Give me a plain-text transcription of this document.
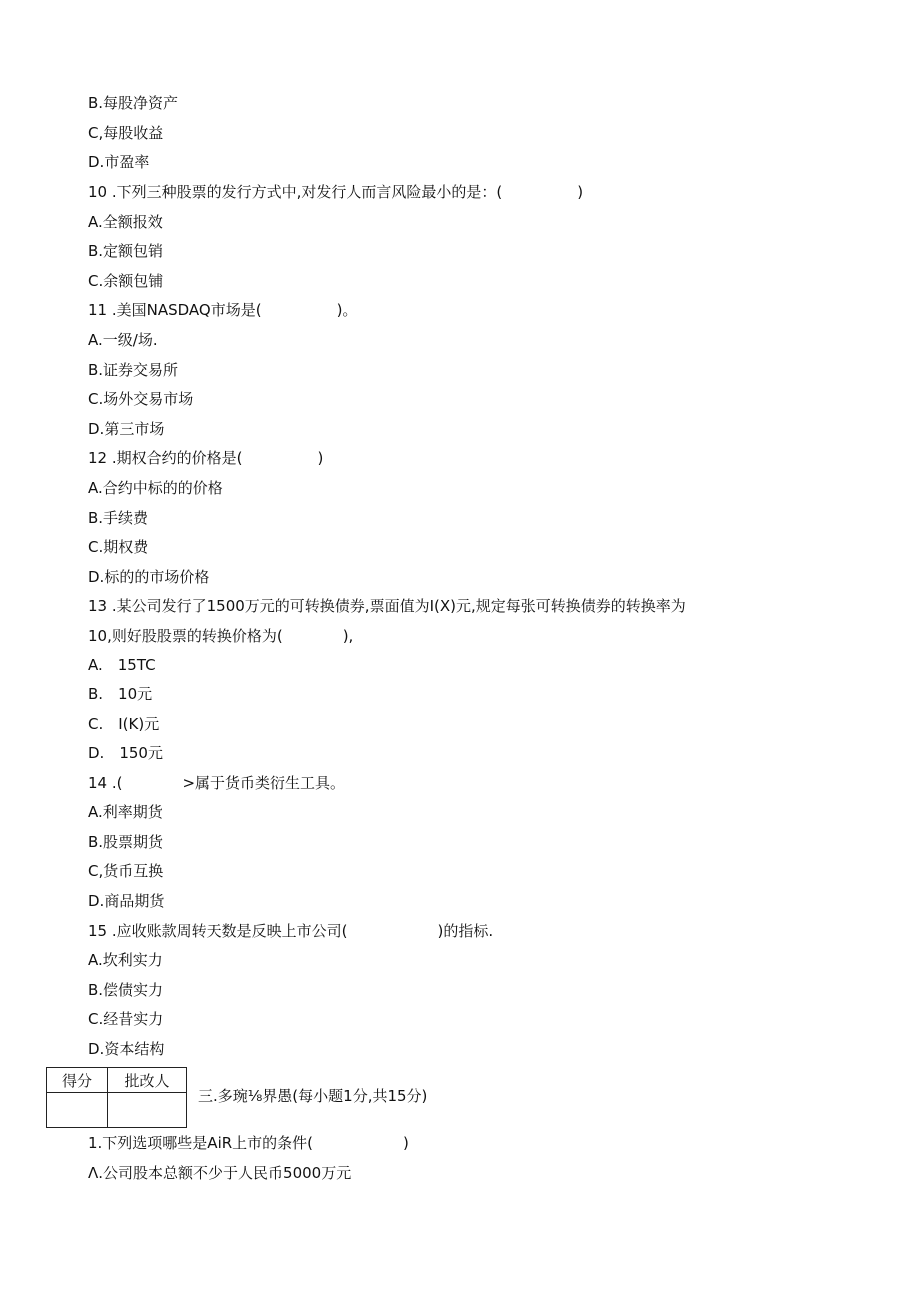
B.每股净资产
C,每股收益
D.市盈率
10 .下列三种股票的发行方式中,对发行人而言风险最小的是：(　　　　　)
A.全额报效
B.定额包销
C.余额包铺
11 .美国NASDAQ市场是(　　　　　)。
A.一级/场.
B.证券交易所
C.场外交易市场
D.第三市场
12 .期权合约的价格是(　　　　　)
A.合约中标的的价格
B.手续费
C.期权费
D.标的的市场价格
13 .某公司发行了1500万元的可转换债券,票面值为I(X)元,规定每张可转换债券的转换率为
10,则好股股票的转换价格为(　　　　),
A.　15TC
B.　10元
C.　I(K)元
D.　150元
14 .(　　　　>属于货币类衍生工具。
A.利率期货
B.股票期货
C,货币互换
D.商品期货
15 .应收账款周转天数是反映上市公司(　　　　　　)的指标.
A.坎利实力
B.偿债实力
C.经昔实力
D.资本结构
得分	批改人

三.多琬⅛界愚(每小题1分,共15分)
1.下列选项哪些是AiR上市的条件(　　　　　　)
Λ.公司股本总额不少于人民币5000万元
